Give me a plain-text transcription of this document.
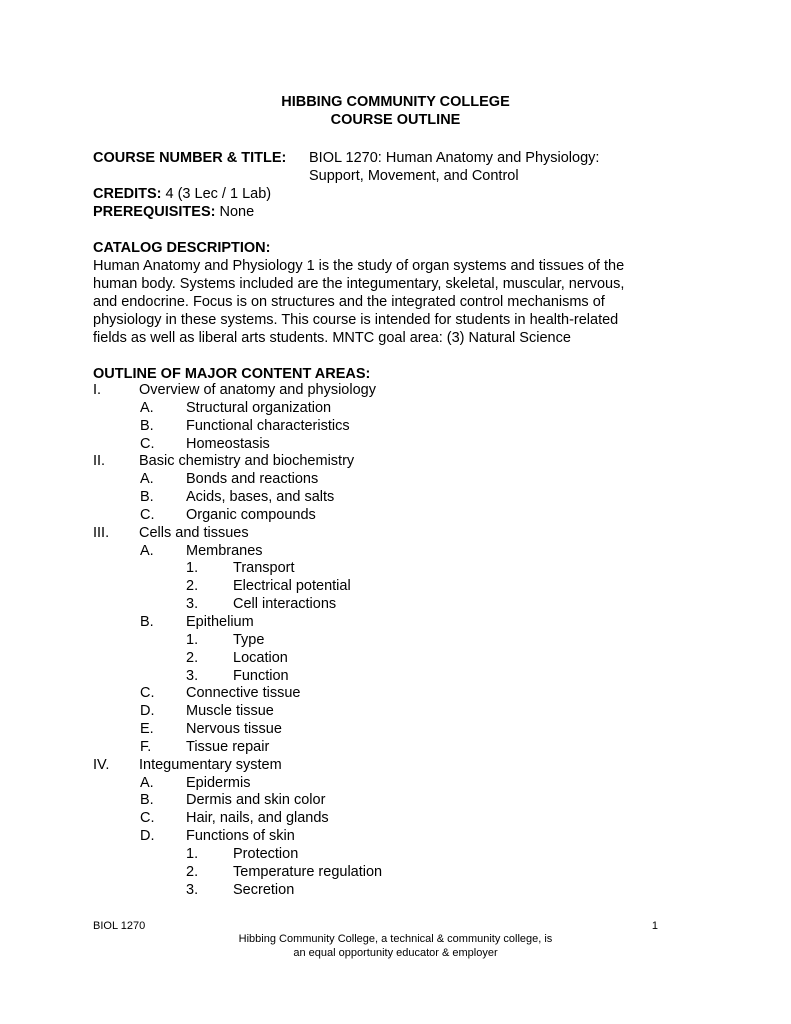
HIBBING COMMUNITY COLLEGE
COURSE OUTLINE
COURSE NUMBER & TITLE: BIOL 1270: Human Anatomy and Physiology:
Support, Movement, and Control
CREDITS: 4 (3 Lec / 1 Lab)
PREREQUISITES: None
CATALOG DESCRIPTION:
Human Anatomy and Physiology 1 is the study of organ systems and tissues of the
human body. Systems included are the integumentary, skeletal, muscular, nervous,
and endocrine. Focus is on structures and the integrated control mechanisms of
physiology in these systems. This course is intended for students in health-related
fields as well as liberal arts students. MNTC goal area: (3) Natural Science
OUTLINE OF MAJOR CONTENT AREAS:
I.	Overview of anatomy and physiology
A. Structural organization
B. Functional characteristics
C. Homeostasis
II. Basic chemistry and biochemistry
A. Bonds and reactions
B. Acids, bases, and salts
C. Organic compounds
III. Cells and tissues
A. Membranes
1. Transport
2. Electrical potential
3. Cell interactions
B. Epithelium
1. Type
2. Location
3. Function
C. Connective tissue
D. Muscle tissue
E. Nervous tissue
F. Tissue repair
IV. Integumentary system
A. Epidermis
B. Dermis and skin color
C. Hair, nails, and glands
D. Functions of skin
1. Protection
2. Temperature regulation
3. Secretion
BIOL 1270	1
Hibbing Community College, a technical & community college, is
an equal opportunity educator & employer
